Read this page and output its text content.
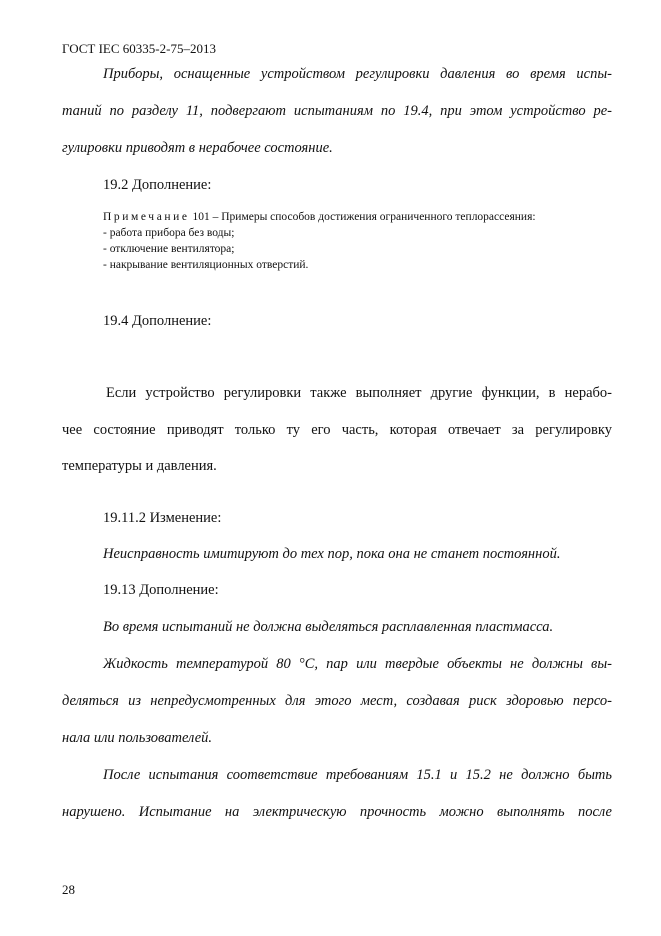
ГОСТ IEC 60335-2-75–2013
Приборы, оснащенные устройством регулировки давления во время испы-
таний по разделу 11, подвергают испытаниям по 19.4, при этом устройство ре-
гулировки приводят в нерабочее состояние.
19.2 Дополнение:
Примечание 101 – Примеры способов достижения ограниченного теплорассеяния:
- работа прибора без воды;
- отключение вентилятора;
- накрывание вентиляционных отверстий.
19.4 Дополнение:
Если устройство регулировки также выполняет другие функции, в нерабо-
чее состояние приводят только ту его часть, которая отвечает за регулировку
температуры и давления.
19.11.2 Изменение:
Неисправность имитируют до тех пор, пока она не станет постоянной.
19.13 Дополнение:
Во время испытаний не должна выделяться расплавленная пластмасса.
Жидкость температурой 80 °С, пар или твердые объекты не должны вы-
деляться из непредусмотренных для этого мест, создавая риск здоровью персо-
нала или пользователей.
После испытания соответствие требованиям 15.1 и 15.2 не должно быть
нарушено. Испытание на электрическую прочность можно выполнять после
28
